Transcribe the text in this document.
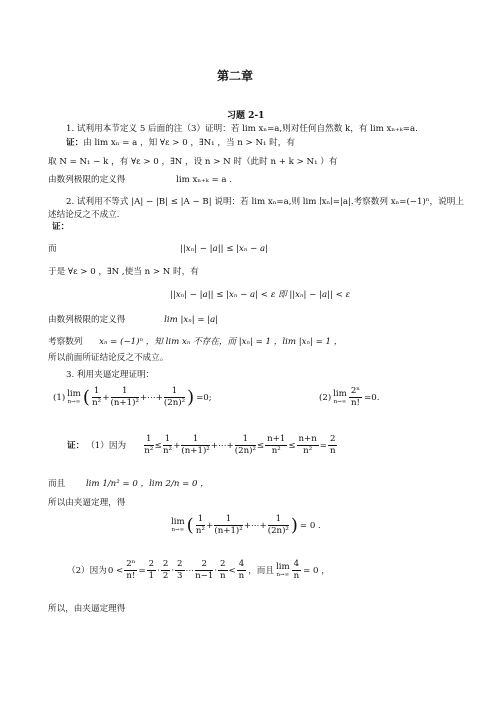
第二章
习题 2-1
1. 试利用本节定义 5 后面的注（3）证明：若 lim xₙ=a,则对任何自然数 k，有 lim xₙ₊ₖ=a.
证：由 lim xₙ = a ，知 ∀ε > 0 ，∃N₁ ，当 n > N₁ 时，有
取 N = N₁ − k ，有 ∀ε > 0 ，∃N ，设 n > N 时（此时 n + k > N₁ ）有
由数列极限的定义得	lim xₙ₊ₖ = a .
2. 试利用不等式 |A| − |B| ≤ |A − B| 说明：若 lim xₙ=a,则 lim ∣xₙ∣=|a|.考察数列 xₙ=(−1)ⁿ，说明上
述结论反之不成立.
证：
而	||xₙ| − |a|| ≤ |xₙ − a|
于是 ∀ε > 0 ，∃N ,使当 n > N 时，有
||xₙ| − |a|| ≤ |xₙ − a| < ε 即 ||xₙ| − |a|| < ε
由数列极限的定义得	lim |xₙ| = |a|
考察数列 xₙ = (−1)ⁿ ，知 lim xₙ 不存在，而 |xₙ| = 1 ，lim |xₙ| = 1 ，
所以前面所证结论反之不成立。
3. 利用夹逼定理证明：
(1) lim
n→∞ ( $\frac{1}{\text{n²}} + \frac{1}{\text{(n+1)²}}$ +⋯+ $\frac{1}{\text{(2n)²}}$ ) =0;	(2) lim
$n\to\infty \frac{\text{2ⁿ}}{n!} =0$.
证： （1）因为 $\frac{1}{\text{n²}} \le \frac{1}{\text{n²}} + \frac{1}{\text{(n+1)²}}$ +⋯+ $\frac{1}{\text{(2n)²}} \le \frac{n+1}{\text{n²}} \le \frac{n+n}{\text{n²}} = \frac{2}{n}$
而且 lim 1/n² = 0 ，lim 2/n = 0 ，
所以由夹逼定理，得
lim
n→∞ ( $\frac{1}{\text{n²}} + \frac{1}{\text{(n+1)²}}$ +⋯+ $\frac{1}{\text{(2n)²}}$ ) = 0 .
（2）因为 $0 < \frac{\text{2ⁿ}}{n!} = \frac{2}{1} \cdot \frac{2}{2} \cdot \frac{2}{3}$ ⋯ $\frac{2}{n-1} \cdot \frac{2}{n} < \frac{4}{n}$ ，而且 lim
$n\to\infty \frac{4}{n} = 0$ ，
所以，由夹逼定理得
